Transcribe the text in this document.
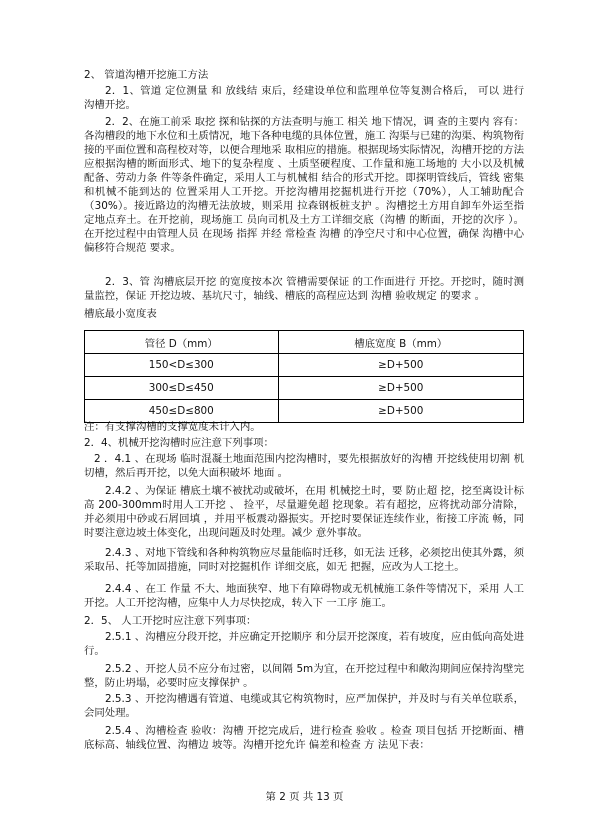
2、 管道沟槽开挖施工方法

2．1、管道 定位测量 和 放线结 束后，经建设单位和监理单位等复测合格后， 可以 进行 沟槽开挖。

2．2、在施工前采 取挖 探和钻探的方法查明与施工 相关 地下情况，调 查的主要内 容有：各沟槽段的地下水位和土质情况，地下各种电缆的具体位置，施工 沟渠与已建的沟渠、构筑物衔接的平面位置和高程校对等，以便合理地采 取相应的措施。根据现场实际情况，沟槽开挖的方法应根据沟槽的断面形式、地下的复杂程度 、土质坚硬程度、工作量和施工场地的 大小以及机械配备、劳动力条 件等条件确定，采用人工与机械相 结合的形式开挖。即探明管线后，管线 密集和机械不能到达的 位置采用人工开挖。开挖沟槽用挖掘机进行开挖（70%），人工辅助配合（30%）。接近路边的沟槽无法放坡，则采用 拉森钢板桩支护 。沟槽挖土方用自卸车外运至指定地点弃土。在开挖前，现场施工 员向司机及土方工详细交底（沟槽 的断面，开挖的次序 ）。在开挖过程中由管理人员 在现场 指挥 并经 常检查 沟槽 的净空尺寸和中心位置，确保 沟槽中心偏移符合规范 要求。

2．3、管 沟槽底层开挖 的宽度按本次 管槽需要保证 的工作面进行 开挖。开挖时，随时测量监控，保证 开挖边坡、基坑尺寸，轴线、槽底的高程应达到 沟槽 验收规定 的要求 。

槽底最小宽度表
管径 D（mm）	槽底宽度 B（mm）
150<D≤300	≥D+500
300≤D≤450	≥D+500
450≤D≤800	≥D+500
注：有支撑沟槽的支撑宽度未计入内。
2．4、机械开挖沟槽时应注意下列事项：

2 ．4.1 、在现场 临时混凝土地面范围内挖沟槽时，要先根据放好的沟槽 开挖线使用切割 机切槽，然后再开挖，以免大面积破坏 地面 。

2.4.2 、为保证 槽底土壤不被扰动或破坏，在用 机械挖土时，要 防止超 挖，挖至离设计标高 200-300mm时用人工开挖 、 捡平，尽量避免超 挖现象。若有超挖，应将扰动部分清除，并必须用中砂或石屑回填 ，并用平板震动器振实。开挖时要保证连续作业，衔接工序流 畅，同时要注意边坡土体变化，出现问题及时处理。减少 意外事故。

2.4.3 、对地下管线和各种构筑物应尽量能临时迁移，如无法 迁移，必须挖出使其外露，须采取吊、托等加固措施，同时对挖掘机作 详细交底，如无 把握，应改为人工挖土。

2.4.4 、在工 作量 不大、地面狭窄、地下有障碍物或无机械施工条件等情况下，采用 人工开挖。人工开挖沟槽，应集中人力尽快挖成，转入下 一工序 施工。

2．5、 人工开挖时应注意下列事项：

2.5.1 、沟槽应分段开挖，并应确定开挖顺序 和分层开挖深度，若有坡度，应由低向高处进行。

2.5.2 、开挖人员不应分布过密，以间隔 5m为宜，在开挖过程中和敞沟期间应保持沟壁完整，防止坍塌，必要时应支撑保护 。

2.5.3 、开挖沟槽遇有管道、电缆或其它构筑物时，应严加保护，并及时与有关单位联系，会同处理。

2.5.4 、沟槽检查 验收：沟槽 开挖完成后，进行检查 验收 。检查 项目包括 开挖断面、槽底标高、轴线位置、沟槽边 坡等。沟槽开挖允许 偏差和检查 方 法见下表：

第 2 页 共 13 页
